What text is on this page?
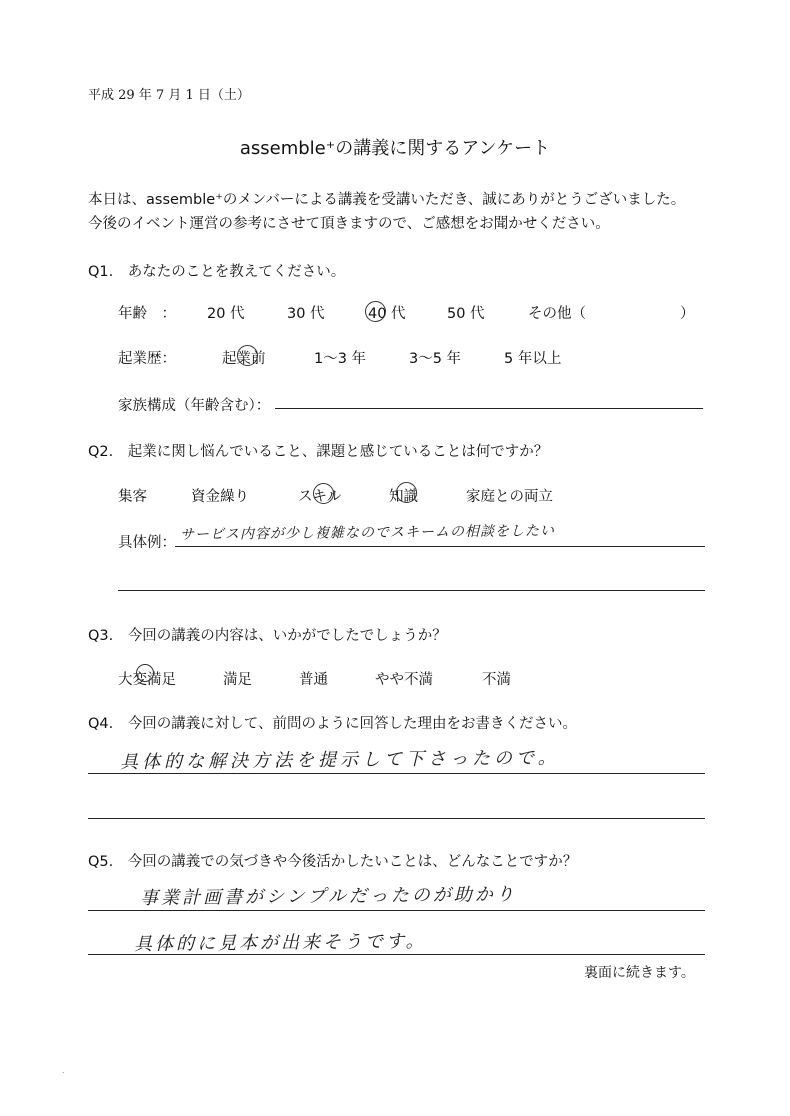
平成 29 年 7 月 1 日（土）
assemble⁺の講義に関するアンケート
本日は、assemble⁺のメンバーによる講義を受講いただき、誠にありがとうございました。
今後のイベント運営の参考にさせて頂きますので、ご感想をお聞かせください。
Q1.　あなたのことを教えてください。
年齢　： 20 代	30 代	40 代	50 代	その他（	）
起業歴：	起業前	1～3 年	3～5 年	5 年以上
家族構成（年齢含む）：
Q2.　起業に関し悩んでいること、課題と感じていることは何ですか？
集客	資金繰り	スキル	知識	家庭との両立
具体例：
サービス内容が少し複雑なのでスキームの相談をしたい
Q3.　今回の講義の内容は、いかがでしたでしょうか？
大変満足	満足	普通	やや不満	不満
Q4.　今回の講義に対して、前問のように回答した理由をお書きください。
具体的な解決方法を提示して下さったので。
Q5.　今回の講義での気づきや今後活かしたいことは、どんなことですか？
事業計画書がシンプルだったのが助かり
具体的に見本が出来そうです。
裏面に続きます。
.
